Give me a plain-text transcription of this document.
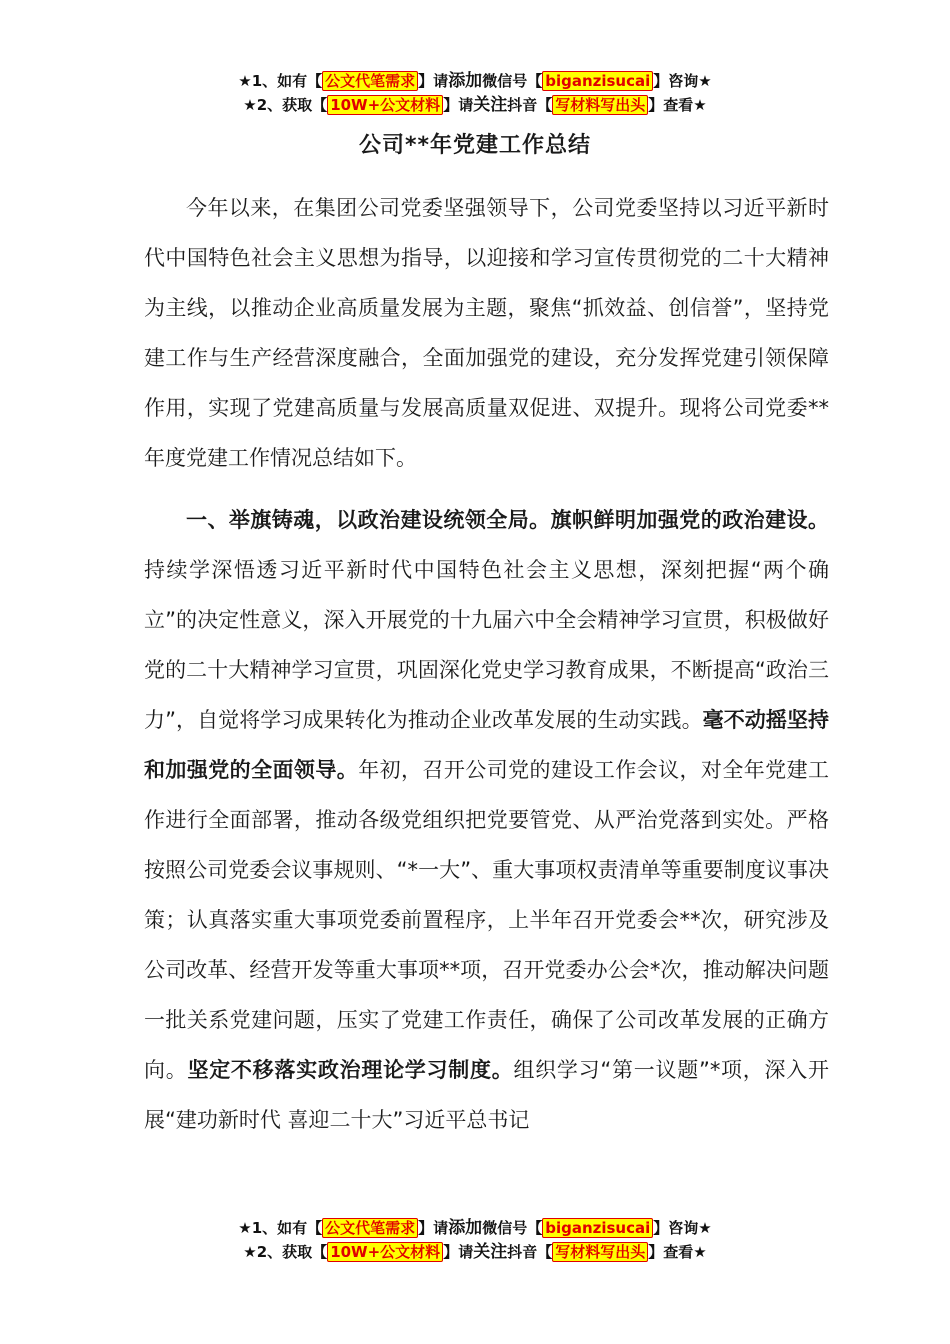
★1、如有【 公文代笔需求 】请添加微信号【 biganzisucai 】咨询★
★2、获取【 10W+公文材料 】请关注抖音【 写材料写出头 】查看★
公司**年党建工作总结

今年以来，在集团公司党委坚强领导下，公司党委坚持以习近平新时代中国特色社会主义思想为指导，以迎接和学习宣传贯彻党的二十大精神为主线，以推动企业高质量发展为主题，聚焦“抓效益、创信誉”，坚持党建工作与生产经营深度融合，全面加强党的建设，充分发挥党建引领保障作用，实现了党建高质量与发展高质量双促进、双提升。现将公司党委**年度党建工作情况总结如下。

一、举旗铸魂，以政治建设统领全局。旗帜鲜明加强党的政治建设。持续学深悟透习近平新时代中国特色社会主义思想，深刻把握“两个确立”的决定性意义，深入开展党的十九届六中全会精神学习宣贯，积极做好党的二十大精神学习宣贯，巩固深化党史学习教育成果，不断提高“政治三力”，自觉将学习成果转化为推动企业改革发展的生动实践。毫不动摇坚持和加强党的全面领导。年初，召开公司党的建设工作会议，对全年党建工作进行全面部署，推动各级党组织把党要管党、从严治党落到实处。严格按照公司党委会议事规则、“*一大”、重大事项权责清单等重要制度议事决策；认真落实重大事项党委前置程序，上半年召开党委会**次，研究涉及公司改革、经营开发等重大事项**项，召开党委办公会*次，推动解决问题一批关系党建问题，压实了党建工作责任，确保了公司改革发展的正确方向。坚定不移落实政治理论学习制度。组织学习“第一议题”*项，深入开展“建功新时代 喜迎二十大”习近平总书记

★1、如有【 公文代笔需求 】请添加微信号【 biganzisucai 】咨询★
★2、获取【 10W+公文材料 】请关注抖音【 写材料写出头 】查看★
